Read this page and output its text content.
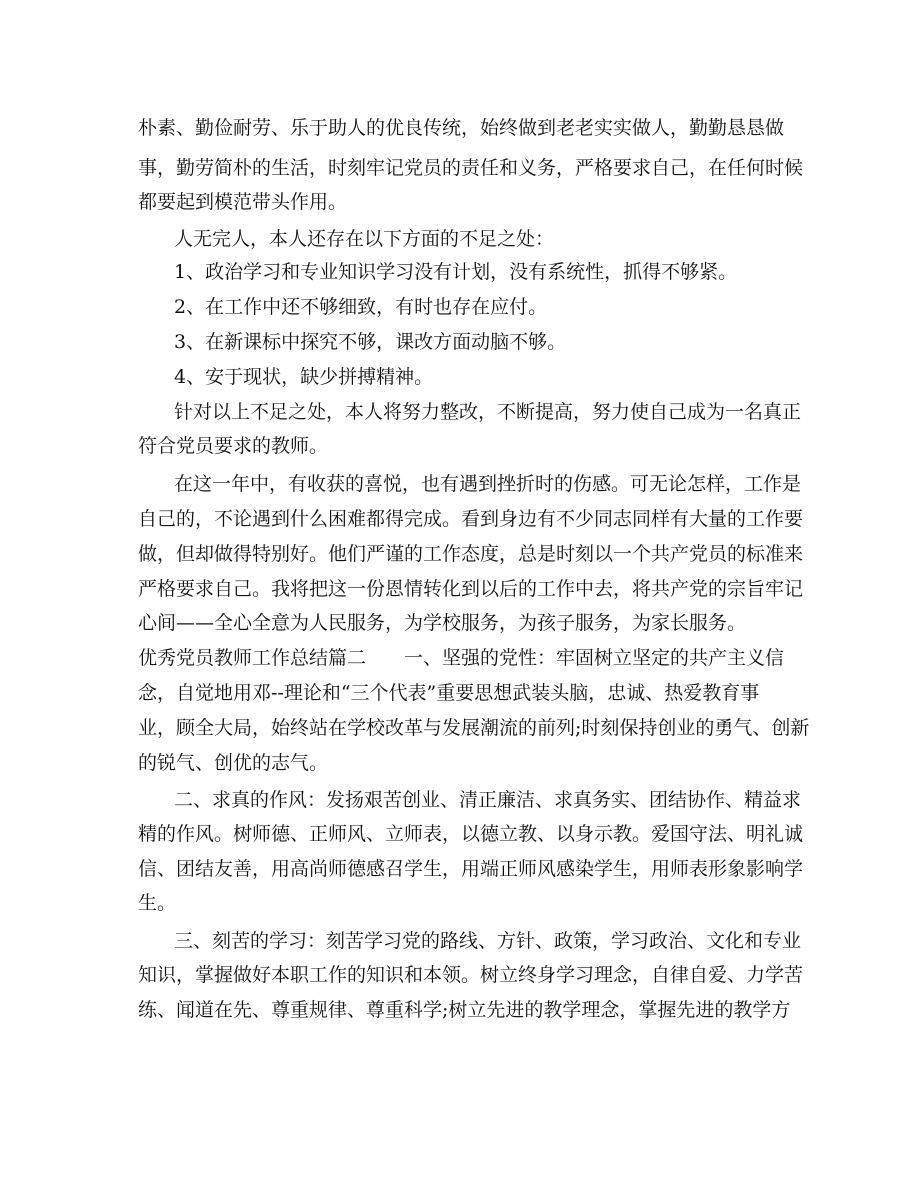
朴素、勤俭耐劳、乐于助人的优良传统，始终做到老老实实做人，勤勤恳恳做

事，勤劳简朴的生活，时刻牢记党员的责任和义务，严格要求自己，在任何时候

都要起到模范带头作用。

人无完人，本人还存在以下方面的不足之处：

1、政治学习和专业知识学习没有计划，没有系统性，抓得不够紧。

2、在工作中还不够细致，有时也存在应付。

3、在新课标中探究不够，课改方面动脑不够。

4、安于现状，缺少拼搏精神。

针对以上不足之处，本人将努力整改，不断提高，努力使自己成为一名真正

符合党员要求的教师。

在这一年中，有收获的喜悦，也有遇到挫折时的伤感。可无论怎样，工作是

自己的，不论遇到什么困难都得完成。看到身边有不少同志同样有大量的工作要

做，但却做得特别好。他们严谨的工作态度，总是时刻以一个共产党员的标准来

严格要求自己。我将把这一份恩情转化到以后的工作中去，将共产党的宗旨牢记

心间——全心全意为人民服务，为学校服务，为孩子服务，为家长服务。

优秀党员教师工作总结篇二　　一、坚强的党性：牢固树立坚定的共产主义信

念，自觉地用邓--理论和“三个代表”重要思想武装头脑，忠诚、热爱教育事

业，顾全大局，始终站在学校改革与发展潮流的前列;时刻保持创业的勇气、创新

的锐气、创优的志气。

二、求真的作风：发扬艰苦创业、清正廉洁、求真务实、团结协作、精益求

精的作风。树师德、正师风、立师表，以德立教、以身示教。爱国守法、明礼诚

信、团结友善，用高尚师德感召学生，用端正师风感染学生，用师表形象影响学

生。

三、刻苦的学习：刻苦学习党的路线、方针、政策，学习政治、文化和专业

知识，掌握做好本职工作的知识和本领。树立终身学习理念，自律自爱、力学苦

练、闻道在先、尊重规律、尊重科学;树立先进的教学理念，掌握先进的教学方
